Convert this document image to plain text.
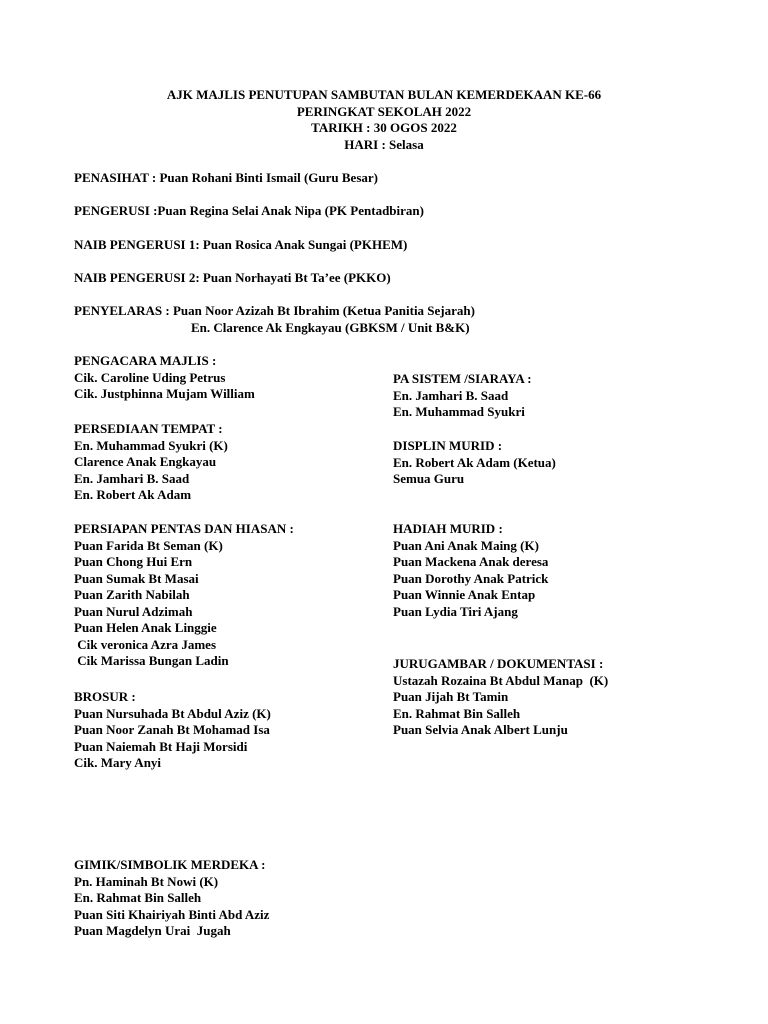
AJK MAJLIS PENUTUPAN SAMBUTAN BULAN KEMERDEKAAN KE-66
PERINGKAT SEKOLAH 2022
TARIKH : 30 OGOS 2022
HARI : Selasa
PENASIHAT : Puan Rohani Binti Ismail (Guru Besar)
PENGERUSI :Puan Regina Selai Anak Nipa (PK Pentadbiran)
NAIB PENGERUSI 1: Puan Rosica Anak Sungai (PKHEM)
NAIB PENGERUSI 2: Puan Norhayati Bt Ta’ee (PKKO)
PENYELARAS : Puan Noor Azizah Bt Ibrahim (Ketua Panitia Sejarah)
En. Clarence Ak Engkayau (GBKSM / Unit B&K)
PENGACARA MAJLIS :
Cik. Caroline Uding Petrus
Cik. Justphinna Mujam William
PERSEDIAAN TEMPAT :
En. Muhammad Syukri (K)
Clarence Anak Engkayau
En. Jamhari B. Saad
En. Robert Ak Adam
PERSIAPAN PENTAS DAN HIASAN :
Puan Farida Bt Seman (K)
Puan Chong Hui Ern
Puan Sumak Bt Masai
Puan Zarith Nabilah
Puan Nurul Adzimah
Puan Helen Anak Linggie
Cik veronica Azra James
Cik Marissa Bungan Ladin
BROSUR :
Puan Nursuhada Bt Abdul Aziz (K)
Puan Noor Zanah Bt Mohamad Isa
Puan Naiemah Bt Haji Morsidi
Cik. Mary Anyi
GIMIK/SIMBOLIK MERDEKA :
Pn. Haminah Bt Nowi (K)
En. Rahmat Bin Salleh
Puan Siti Khairiyah Binti Abd Aziz
Puan Magdelyn Urai  Jugah
PA SISTEM /SIARAYA :
En. Jamhari B. Saad
En. Muhammad Syukri
DISPLIN MURID :
En. Robert Ak Adam (Ketua)
Semua Guru
HADIAH MURID :
Puan Ani Anak Maing (K)
Puan Mackena Anak deresa
Puan Dorothy Anak Patrick
Puan Winnie Anak Entap
Puan Lydia Tiri Ajang
JURUGAMBAR / DOKUMENTASI :
Ustazah Rozaina Bt Abdul Manap  (K)
Puan Jijah Bt Tamin
En. Rahmat Bin Salleh
Puan Selvia Anak Albert Lunju
